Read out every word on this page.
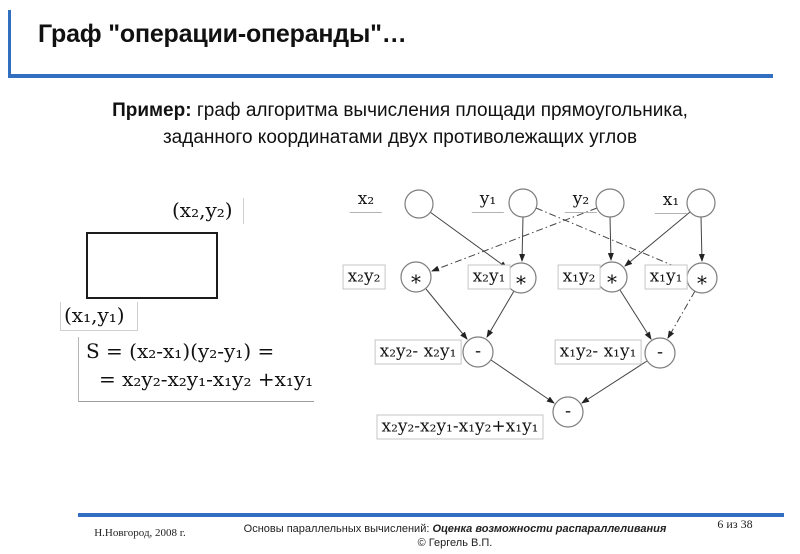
Граф "операции-операнды"…
Пример: граф алгоритма вычисления площади прямоугольника,
заданного координатами двух противолежащих углов
(x₂,y₂)
(x₁,y₁)
S = (x₂-x₁)(y₂-y₁) =
= x₂y₂-x₂y₁-x₁y₂ +x₁y₁
x₂	y₁	y₂	x₁
x₂y₂	x₂y₁	x₁y₂	x₁y₁
x₂y₂- x₂y₁	x₁y₂- x₁y₁
x₂y₂-x₂y₁-x₁y₂+x₁y₁
*	*	*	*
-	-
-
Н.Новгород, 2008 г.	Основы параллельных вычислений: Оценка возможности распараллеливания
© Гергель В.П.
6 из 38
